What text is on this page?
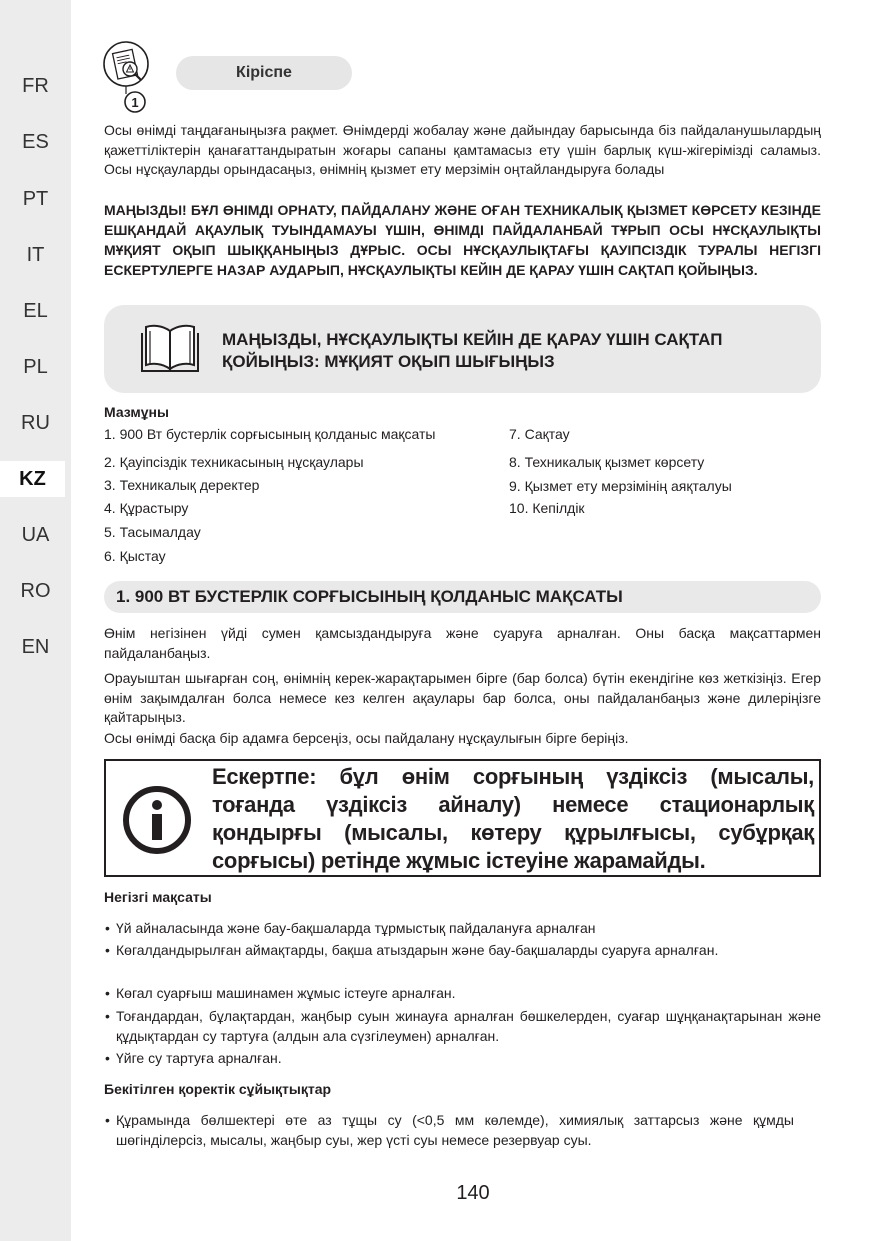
FR
ES
PT
IT
EL
PL
RU
KZ
UA
RO
EN
1
Кіріспе
Осы өнімді таңдағаныңызға рақмет. Өнімдерді жобалау және дайындау барысында біз пайдаланушылардың қажеттіліктерін қанағаттандыратын жоғары сапаны қамтамасыз ету үшін барлық күш-жігерімізді саламыз. Осы нұсқауларды орындасаңыз, өнімнің қызмет ету мерзімін оңтайландыруға болады
МАҢЫЗДЫ! БҰЛ ӨНІМДІ ОРНАТУ, ПАЙДАЛАНУ ЖӘНЕ ОҒАН ТЕХНИКАЛЫҚ ҚЫЗМЕТ КӨРСЕТУ КЕЗІНДЕ ЕШҚАНДАЙ АҚАУЛЫҚ ТУЫНДАМАУЫ ҮШІН, ӨНІМДІ ПАЙДАЛАНБАЙ ТҰРЫП ОСЫ НҰСҚАУЛЫҚТЫ МҰҚИЯТ ОҚЫП ШЫҚҚАНЫҢЫЗ ДҰРЫС. ОСЫ НҰСҚАУЛЫҚТАҒЫ ҚАУІПСІЗДІК ТУРАЛЫ НЕГІЗГІ ЕСКЕРТУЛЕРГЕ НАЗАР АУДАРЫП, НҰСҚАУЛЫҚТЫ КЕЙІН ДЕ ҚАРАУ ҮШІН САҚТАП ҚОЙЫҢЫЗ.
МАҢЫЗДЫ, НҰСҚАУЛЫҚТЫ КЕЙІН ДЕ ҚАРАУ ҮШІН САҚТАП
ҚОЙЫҢЫЗ: МҰҚИЯТ ОҚЫП ШЫҒЫҢЫЗ
Мазмұны
1. 900 Вт бустерлік сорғысының қолданыс мақсаты
2. Қауіпсіздік техникасының нұсқаулары
3. Техникалық деректер
4. Құрастыру
5. Тасымалдау
6. Қыстау
7. Сақтау
8. Техникалық қызмет көрсету
9. Қызмет ету мерзімінің аяқталуы
10. Кепілдік
1. 900 ВТ БУСТЕРЛІК СОРҒЫСЫНЫҢ ҚОЛДАНЫС МАҚСАТЫ
Өнім негізінен үйді сумен қамсыздандыруға және суаруға арналған. Оны басқа мақсаттармен пайдаланбаңыз.
Орауыштан шығарған соң, өнімнің керек-жарақтарымен бірге (бар болса) бүтін екендігіне көз жеткізіңіз. Егер өнім зақымдалған болса немесе кез келген ақаулары бар болса, оны пайдаланбаңыз және дилеріңізге қайтарыңыз.
Осы өнімді басқа бір адамға берсеңіз, осы пайдалану нұсқаулығын бірге беріңіз.
Ескертпе: бұл өнім сорғының үздіксіз (мысалы, тоғанда үздіксіз айналу) немесе стационарлық қондырғы (мысалы, көтеру құрылғысы, субұрқақ сорғысы) ретінде жұмыс істеуіне жарамайды.
Негізгі мақсаты
• Үй айналасында және бау-бақшаларда тұрмыстық пайдалануға арналған
• Көгалдандырылған аймақтарды, бақша атыздарын және бау-бақшаларды суаруға арналған.
• Көгал суарғыш машинамен жұмыс істеуге арналған.
• Тоғандардан, бұлақтардан, жаңбыр суын жинауға арналған бөшкелерден, суағар шұңқанақтарынан және құдықтардан су тартуға (алдын ала сүзгілеумен) арналған.
• Үйге су тартуға арналған.
Бекітілген қоректік сұйықтықтар
• Құрамында бөлшектері өте аз тұщы су (<0,5 мм көлемде), химиялық заттарсыз және құмды шөгінділерсіз, мысалы, жаңбыр суы, жер үсті суы немесе резервуар суы.
140
